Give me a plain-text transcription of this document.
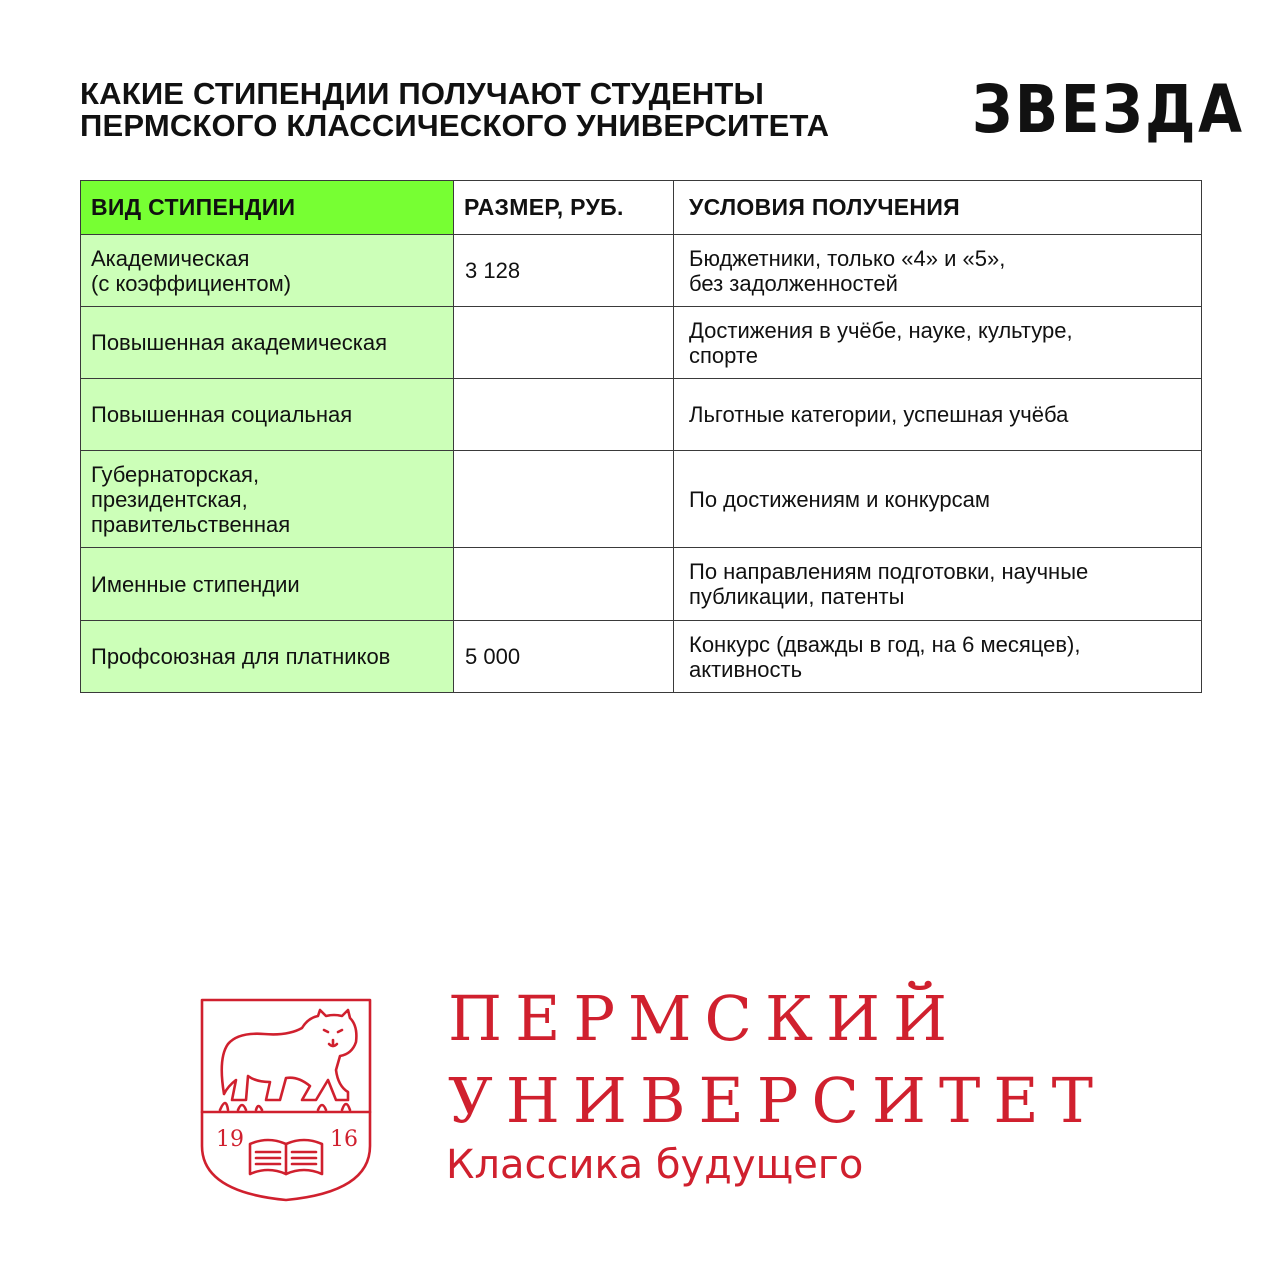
КАКИЕ СТИПЕНДИИ ПОЛУЧАЮТ СТУДЕНТЫ
ПЕРМСКОГО КЛАССИЧЕСКОГО УНИВЕРСИТЕТА ЗВЕЗДА
ВИД СТИПЕНДИИ	РАЗМЕР, РУБ.	УСЛОВИЯ ПОЛУЧЕНИЯ
Академическая
(с коэффициентом)	3 128	Бюджетники, только «4» и «5»,
без задолженностей
Повышенная академическая		Достижения в учёбе, науке, культуре,
спорте
Повышенная социальная		Льготные категории, успешная учёба
Губернаторская,
президентская,
правительственная		По достижениям и конкурсам
Именные стипендии		По направлениям подготовки, научные
публикации, патенты
Профсоюзная для платников	5 000	Конкурс (дважды в год, на 6 месяцев),
активность
19	16
ПЕРМСКИЙ
УНИВЕРСИТЕТ
Классика будущего
